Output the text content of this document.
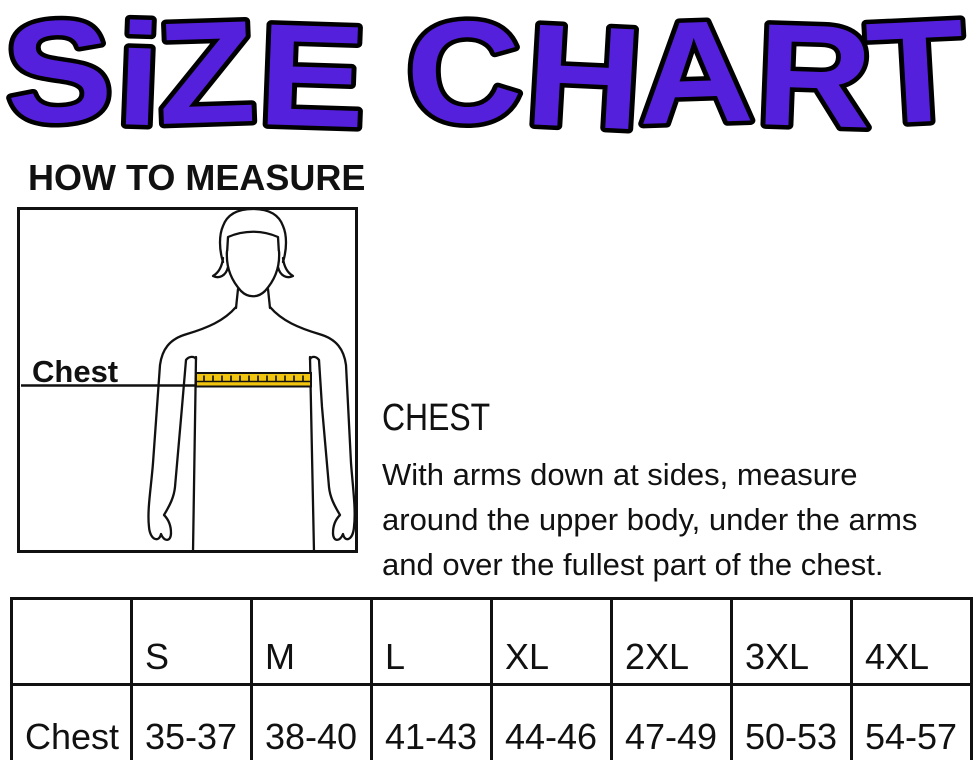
SiZE CHART
HOW TO MEASURE
Chest
CHEST
With arms down at sides, measure
around the upper body, under the arms
and over the fullest part of the chest.
	S	M	L	XL	2XL	3XL	4XL
Chest	35-37	38-40	41-43	44-46	47-49	50-53	54-57
